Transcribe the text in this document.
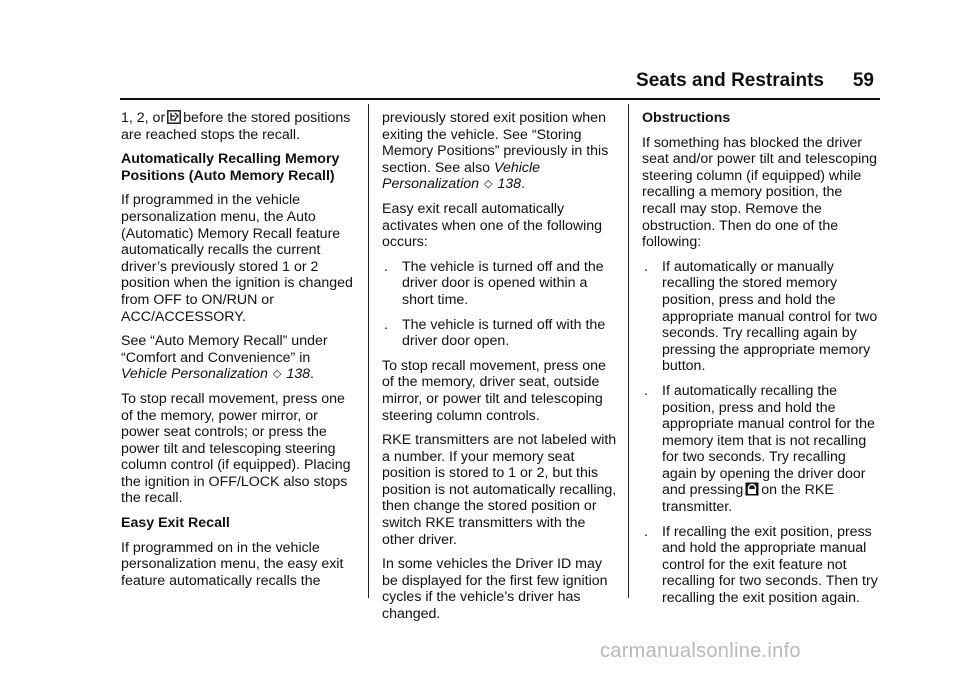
Seats and Restraints 59

1, 2, or before the stored positions are reached stops the recall.

Automatically Recalling Memory Positions (Auto Memory Recall)

If programmed in the vehicle personalization menu, the Auto (Automatic) Memory Recall feature automatically recalls the current driver’s previously stored 1 or 2 position when the ignition is changed from OFF to ON/RUN or ACC/ACCESSORY.

See “Auto Memory Recall” under “Comfort and Convenience” in Vehicle Personalization ◇ 138.

To stop recall movement, press one of the memory, power mirror, or power seat controls; or press the power tilt and telescoping steering column control (if equipped). Placing the ignition in OFF/LOCK also stops the recall.

Easy Exit Recall

If programmed on in the vehicle personalization menu, the easy exit feature automatically recalls the

previously stored exit position when exiting the vehicle. See “Storing Memory Positions” previously in this section. See also Vehicle Personalization ◇ 138.

Easy exit recall automatically activates when one of the following occurs:

. The vehicle is turned off and the driver door is opened within a short time.
. The vehicle is turned off with the driver door open.

To stop recall movement, press one of the memory, driver seat, outside mirror, or power tilt and telescoping steering column controls.

RKE transmitters are not labeled with a number. If your memory seat position is stored to 1 or 2, but this position is not automatically recalling, then change the stored position or switch RKE transmitters with the other driver.

In some vehicles the Driver ID may be displayed for the first few ignition cycles if the vehicle’s driver has changed.

Obstructions

If something has blocked the driver seat and/or power tilt and telescoping steering column (if equipped) while recalling a memory position, the recall may stop. Remove the obstruction. Then do one of the following:

. If automatically or manually recalling the stored memory position, press and hold the appropriate manual control for two seconds. Try recalling again by pressing the appropriate memory button.
. If automatically recalling the position, press and hold the appropriate manual control for the memory item that is not recalling for two seconds. Try recalling again by opening the driver door and pressing on the RKE transmitter.
. If recalling the exit position, press and hold the appropriate manual control for the exit feature not recalling for two seconds. Then try recalling the exit position again.
carmanualsonline.info
